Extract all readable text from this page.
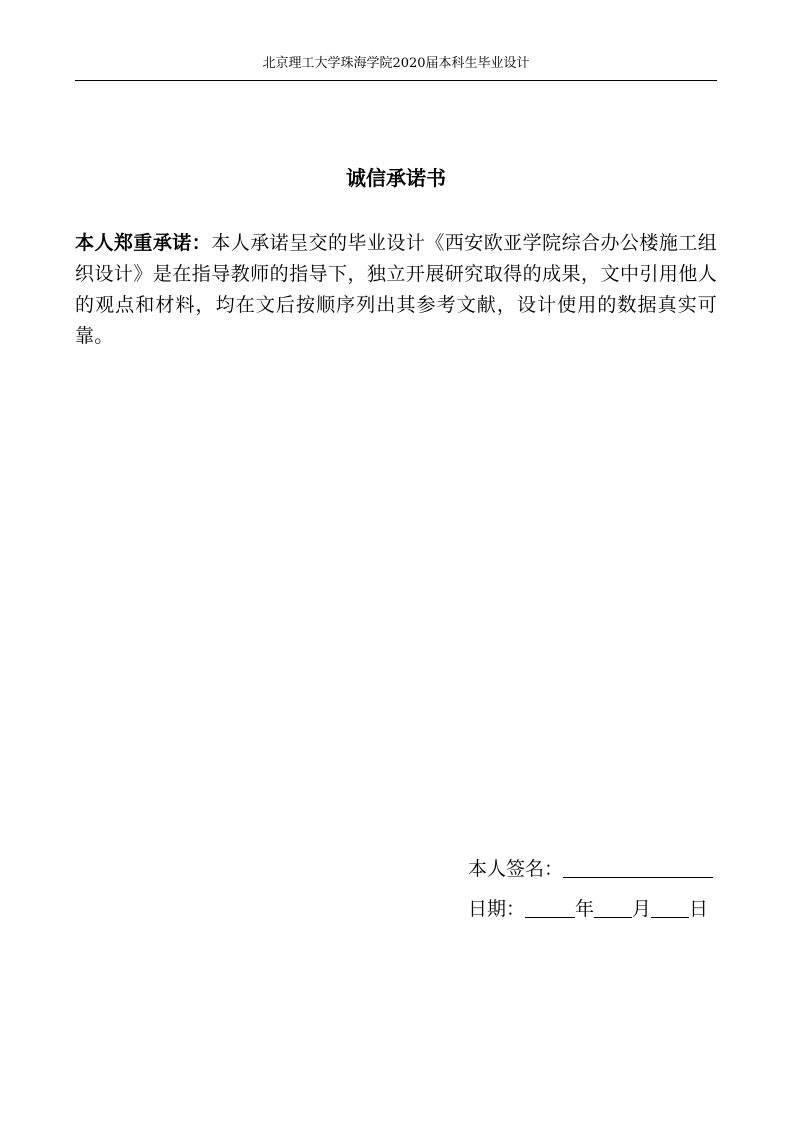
北京理工大学珠海学院2020届本科生毕业设计
诚信承诺书

本人郑重承诺：本人承诺呈交的毕业设计《西安欧亚学院综合办公楼施工组织设计》是在指导教师的指导下，独立开展研究取得的成果，文中引用他人的观点和材料，均在文后按顺序列出其参考文献，设计使用的数据真实可靠。

本人签名：
日期：	年 月 日
